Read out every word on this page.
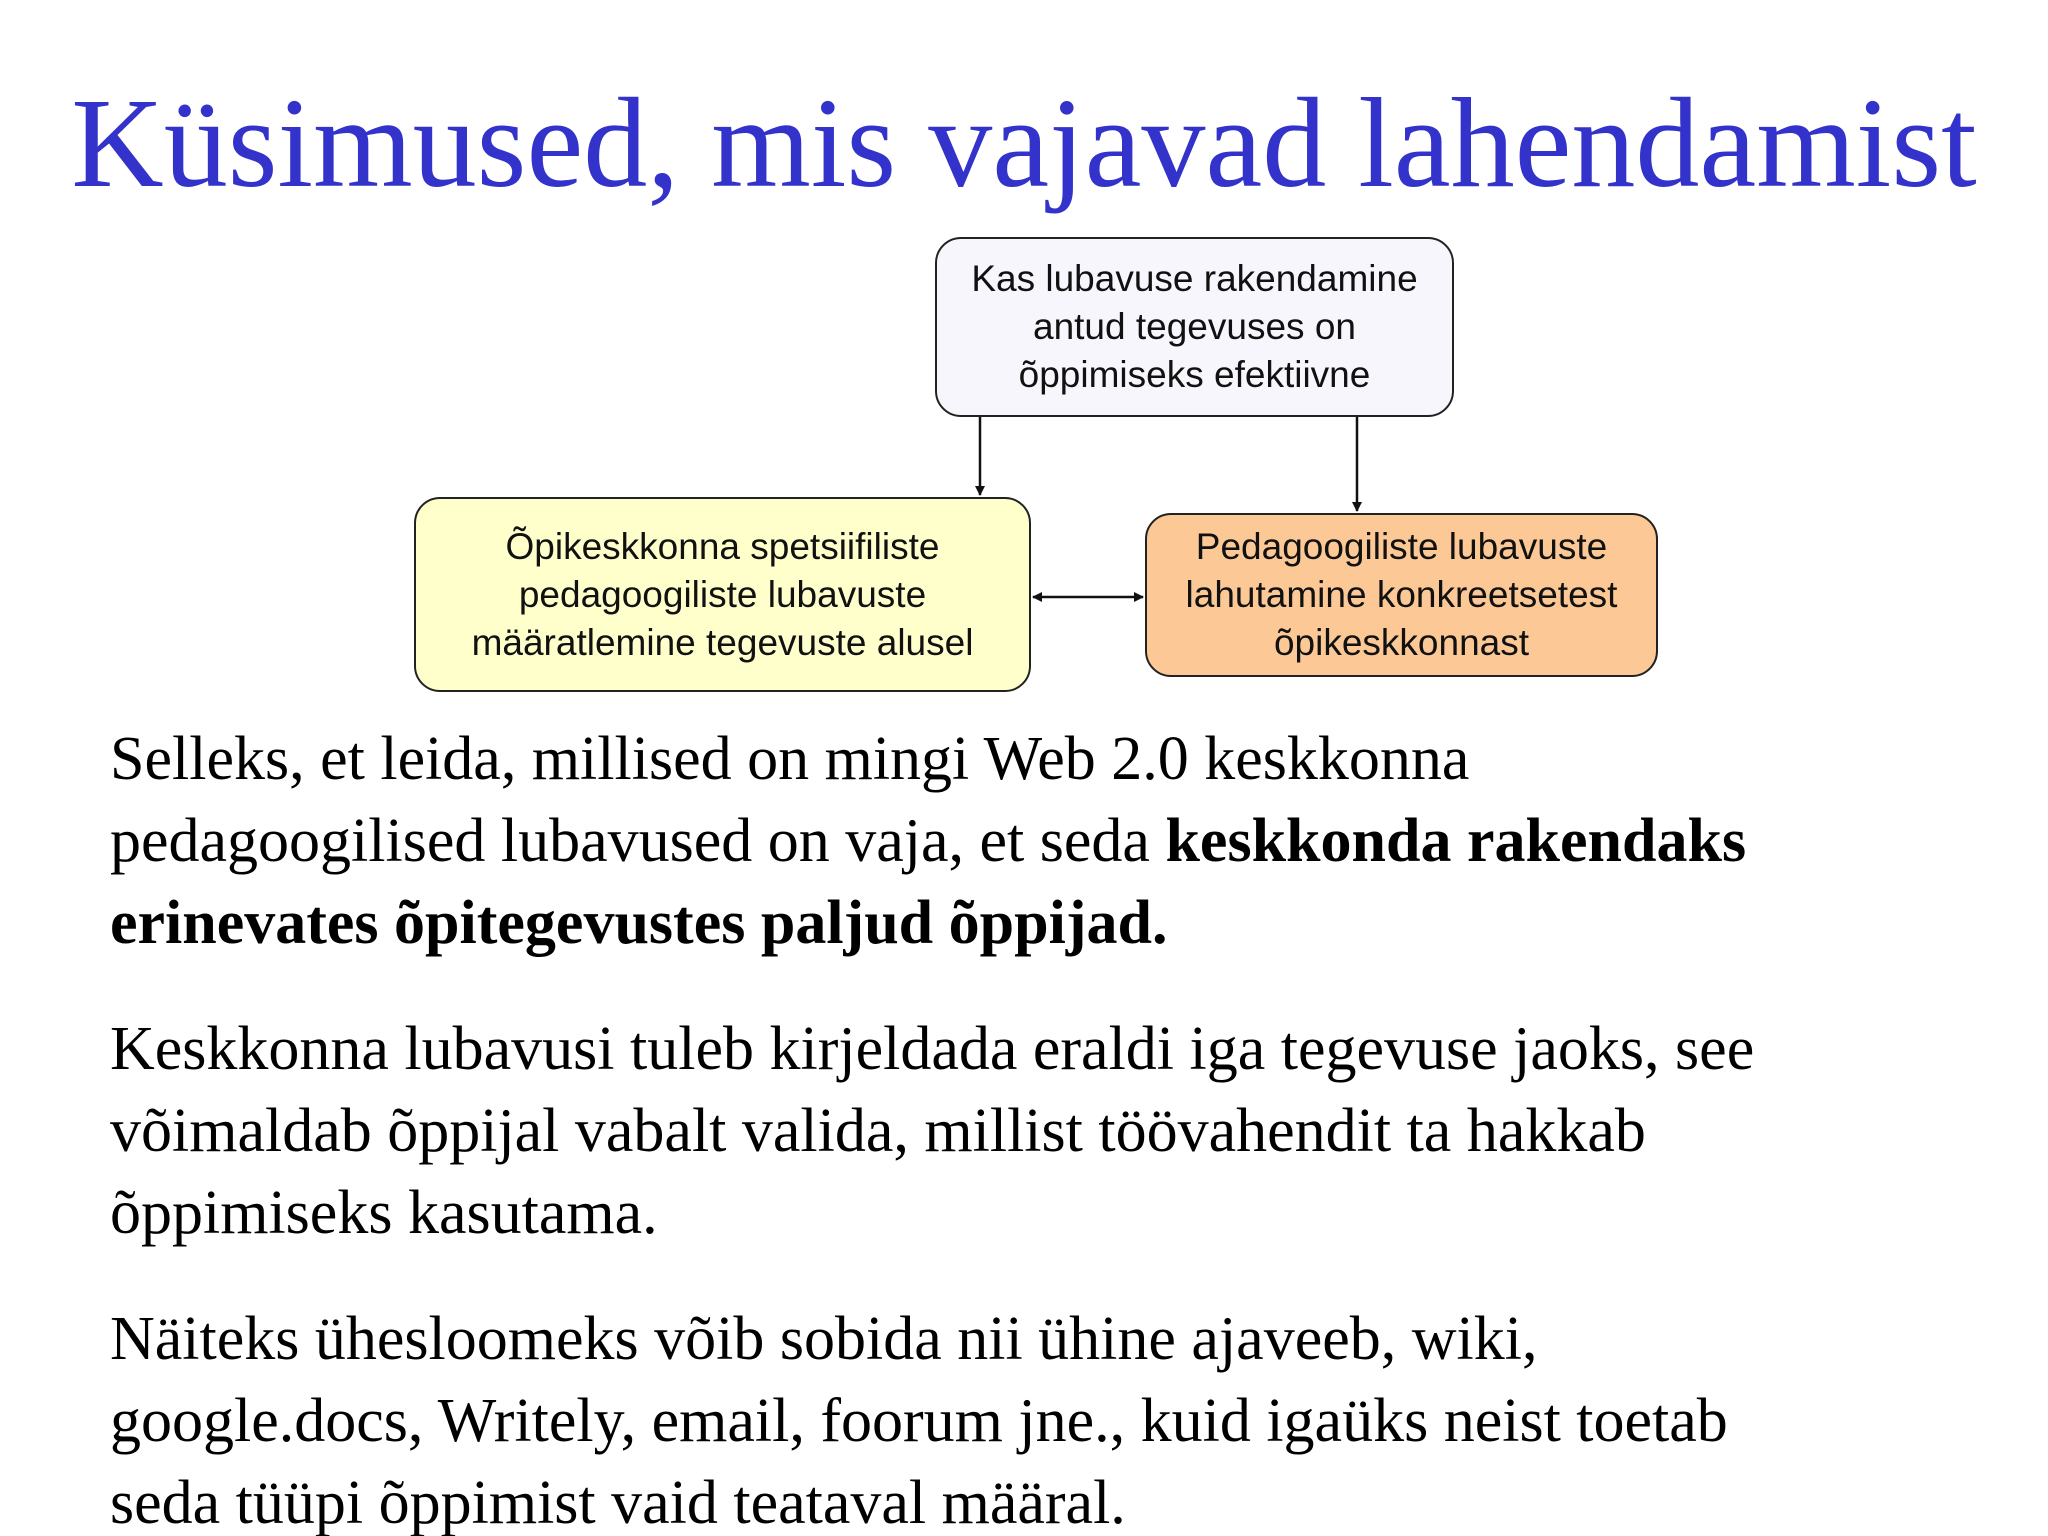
Küsimused, mis vajavad lahendamist
Kas lubavuse rakendamine
antud tegevuses on
õppimiseks efektiivne
Õpikeskkonna spetsiifiliste
pedagoogiliste lubavuste
määratlemine tegevuste alusel
Pedagoogiliste lubavuste
lahutamine konkreetsetest
õpikeskkonnast

Selleks, et leida, millised on mingi Web 2.0 keskkonna
pedagoogilised lubavused on vaja, et seda keskkonda rakendaks
erinevates õpitegevustes paljud õppijad.

Keskkonna lubavusi tuleb kirjeldada eraldi iga tegevuse jaoks, see
võimaldab õppijal vabalt valida, millist töövahendit ta hakkab
õppimiseks kasutama.

Näiteks ühesloomeks võib sobida nii ühine ajaveeb, wiki,
google.docs, Writely, email, foorum jne., kuid igaüks neist toetab
seda tüüpi õppimist vaid teataval määral.
